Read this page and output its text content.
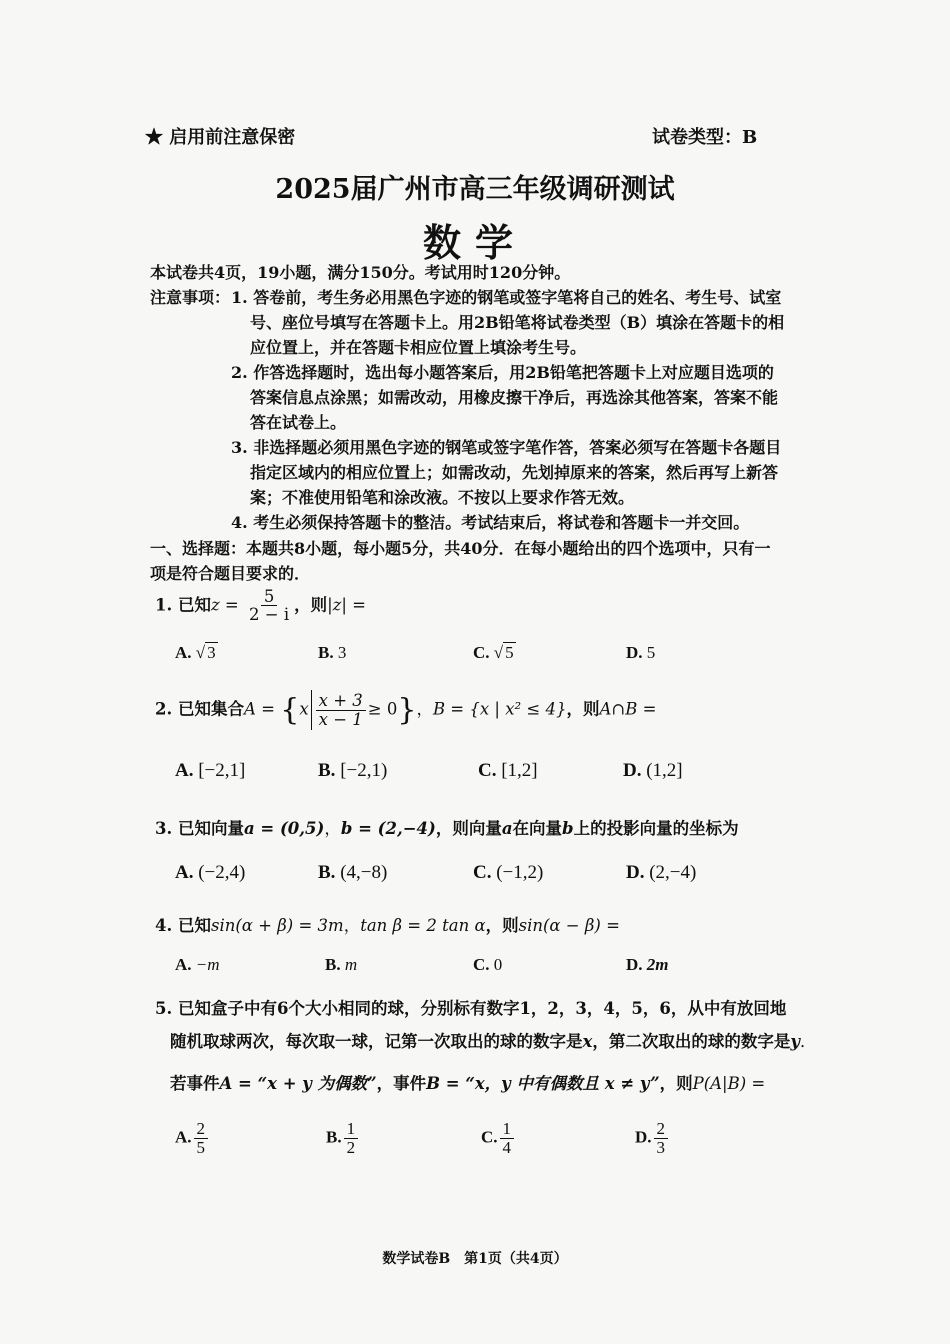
★ 启用前注意保密	试卷类型：B
2025届广州市高三年级调研测试
数学
本试卷共4页，19小题，满分150分。考试用时120分钟。
注意事项： 1. 答卷前，考生务必用黑色字迹的钢笔或签字笔将自己的姓名、考生号、试室
号、座位号填写在答题卡上。用2B铅笔将试卷类型（B）填涂在答题卡的相
应位置上，并在答题卡相应位置上填涂考生号。
2. 作答选择题时，选出每小题答案后，用2B铅笔把答题卡上对应题目选项的
答案信息点涂黑；如需改动，用橡皮擦干净后，再选涂其他答案，答案不能
答在试卷上。
3. 非选择题必须用黑色字迹的钢笔或签字笔作答，答案必须写在答题卡各题目
指定区域内的相应位置上；如需改动，先划掉原来的答案，然后再写上新答
案；不准使用铅笔和涂改液。不按以上要求作答无效。
4. 考生必须保持答题卡的整洁。考试结束后，将试卷和答题卡一并交回。
一、选择题：本题共8小题，每小题5分，共40分．在每小题给出的四个选项中，只有一
项是符合题目要求的．
1. 已知$z = \frac{5}{2 - i}$ ，则|z| =
A. √ 3	B. 3	C. √ 5	D. 5
2. 已知集合$A = \{x \frac{x + 3}{x - 1} \ge 0\}$，B = {x | x² ≤ 4}，则A∩B =
A. [−2,1]	B. [−2,1)	C. [1,2]	D. (1,2]
3. 已知向量a = (0,5)，b = (2,−4)，则向量a在向量b上的投影向量的坐标为
A. (−2,4)	B. (4,−8)	C. (−1,2)	D. (2,−4)
4. 已知sin(α + β) = 3m，tan β = 2 tan α，则sin(α − β) =
A. −m	B. m	C. 0	D. 2m
5. 已知盒子中有6个大小相同的球，分别标有数字1，2，3，4，5，6，从中有放回地
随机取球两次，每次取一球，记第一次取出的球的数字是x，第二次取出的球的数字是y．
若事件A = “x + y 为偶数”，事件B = “x，y 中有偶数且 x ≠ y”，则P(A|B) =
A. $\frac{2}{5}$	B. $\frac{1}{2}$	C. $\frac{1}{4}$	D. $\frac{2}{3}$
数学试卷B　第1页（共4页）
